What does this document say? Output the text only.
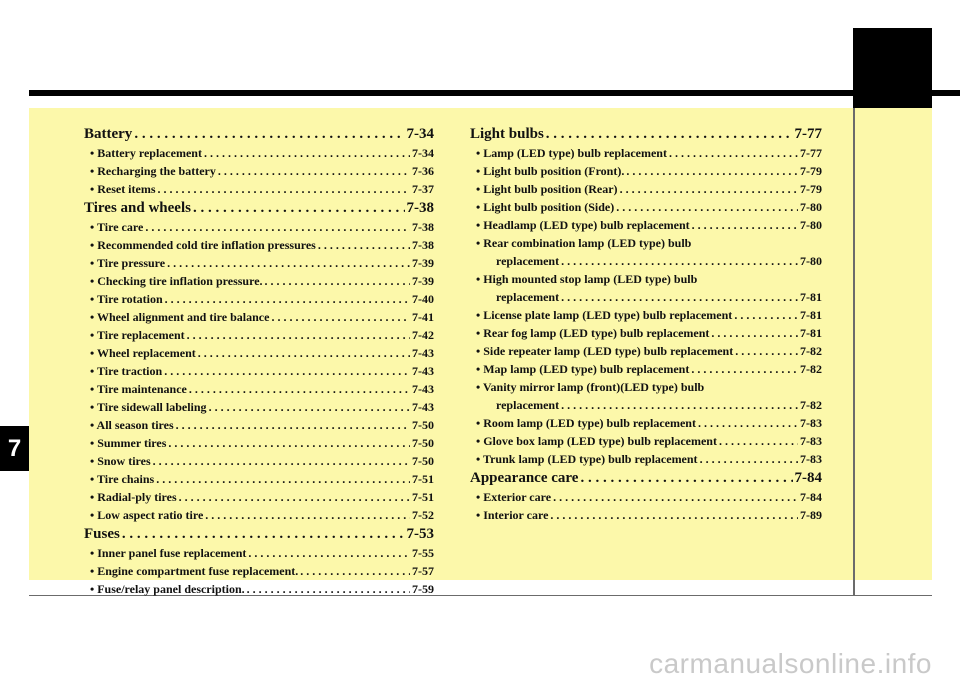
7
Battery . . .	7-34
• Battery replacement . . .	7-34
• Recharging the battery . . .	7-36
• Reset items . . .	7-37
Tires and wheels . . .	7-38
• Tire care . . .	7-38
• Recommended cold tire inflation pressures . . .	7-38
• Tire pressure . . .	7-39
• Checking tire inflation pressure. . . .	7-39
• Tire rotation . . .	7-40
• Wheel alignment and tire balance . . .	7-41
• Tire replacement . . .	7-42
• Wheel replacement . . .	7-43
• Tire traction . . .	7-43
• Tire maintenance . . .	7-43
• Tire sidewall labeling . . .	7-43
• All season tires . . .	7-50
• Summer tires . . .	7-50
• Snow tires . . .	7-50
• Tire chains . . .	7-51
• Radial-ply tires . . .	7-51
• Low aspect ratio tire . . .	7-52
Fuses . . .	7-53
• Inner panel fuse replacement . . .	7-55
• Engine compartment fuse replacement. . . .	7-57
• Fuse/relay panel description. . . .	7-59
Light bulbs . . .	7-77
• Lamp (LED type) bulb replacement . . .	7-77
• Light bulb position (Front). . . .	7-79
• Light bulb position (Rear) . . .	7-79
• Light bulb position (Side) . . .	7-80
• Headlamp (LED type) bulb replacement . . .	7-80
• Rear combination lamp (LED type) bulb
replacement . . .	7-80
• High mounted stop lamp (LED type) bulb
replacement . . .	7-81
• License plate lamp (LED type) bulb replacement . . .	7-81
• Rear fog lamp (LED type) bulb replacement . . .	7-81
• Side repeater lamp (LED type) bulb replacement . . .	7-82
• Map lamp (LED type) bulb replacement . . .	7-82
• Vanity mirror lamp (front)(LED type) bulb
replacement . . .	7-82
• Room lamp (LED type) bulb replacement . . .	7-83
• Glove box lamp (LED type) bulb replacement . . .	7-83
• Trunk lamp (LED type) bulb replacement . . .	7-83
Appearance care . . .	7-84
• Exterior care . . .	7-84
• Interior care . . .	7-89
carmanualsonline.info
